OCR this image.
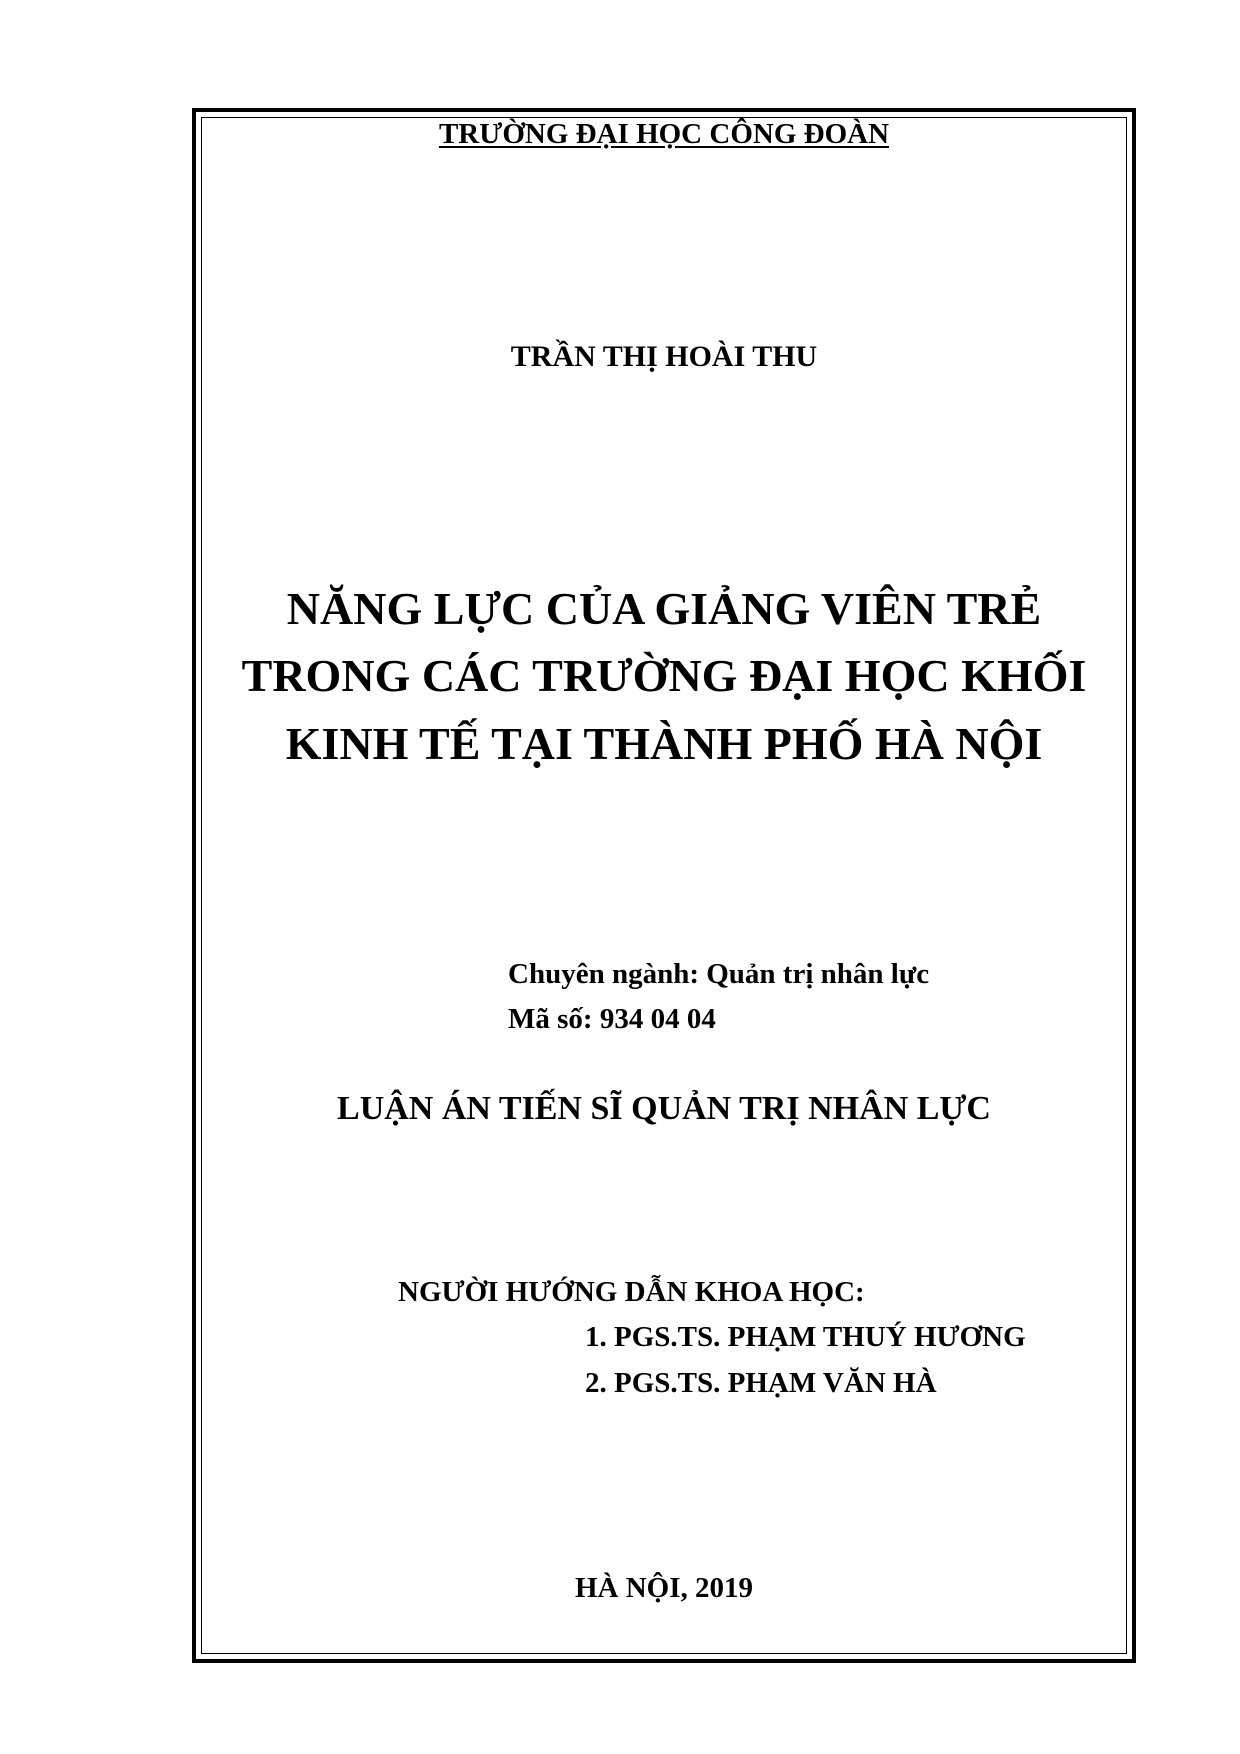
TRƯỜNG ĐẠI HỌC CÔNG ĐOÀN
TRẦN THỊ HOÀI THU
NĂNG LỰC CỦA GIẢNG VIÊN TRẺ
TRONG CÁC TRƯỜNG ĐẠI HỌC KHỐI
KINH TẾ TẠI THÀNH PHỐ HÀ NỘI
Chuyên ngành: Quản trị nhân lực
Mã số: 934 04 04
LUẬN ÁN TIẾN SĨ QUẢN TRỊ NHÂN LỰC
NGƯỜI HƯỚNG DẪN KHOA HỌC:
1. PGS.TS. PHẠM THUÝ HƯƠNG
2. PGS.TS. PHẠM VĂN HÀ
HÀ NỘI, 2019
